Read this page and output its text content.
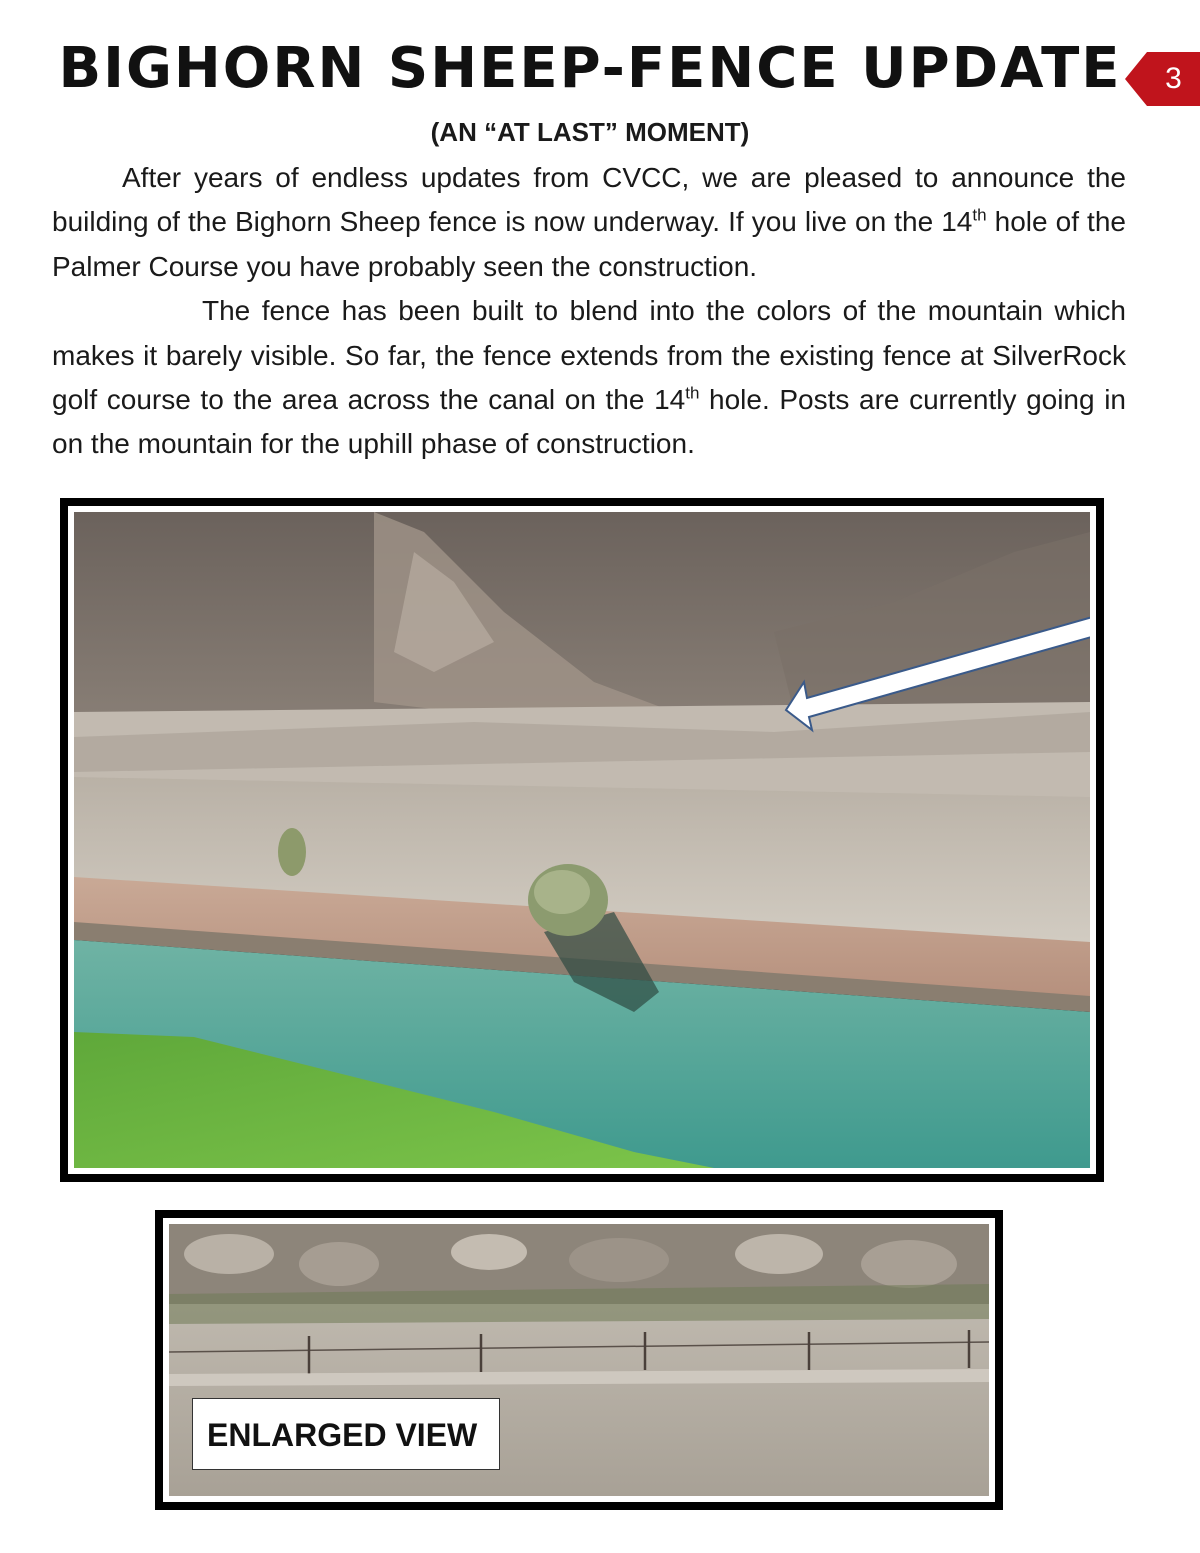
BIGHORN SHEEP-FENCE UPDATE	3
(AN “AT LAST” MOMENT)

After years of endless updates from CVCC, we are pleased to announce the building of the Bighorn Sheep fence is now underway. If you live on the 14th hole of the Palmer Course you have probably seen the construction.

The fence has been built to blend into the colors of the mountain which makes it barely visible. So far, the fence extends from the existing fence at SilverRock golf course to the area across the canal on the 14th hole. Posts are currently going in on the mountain for the uphill phase of construction.

ENLARGED VIEW
